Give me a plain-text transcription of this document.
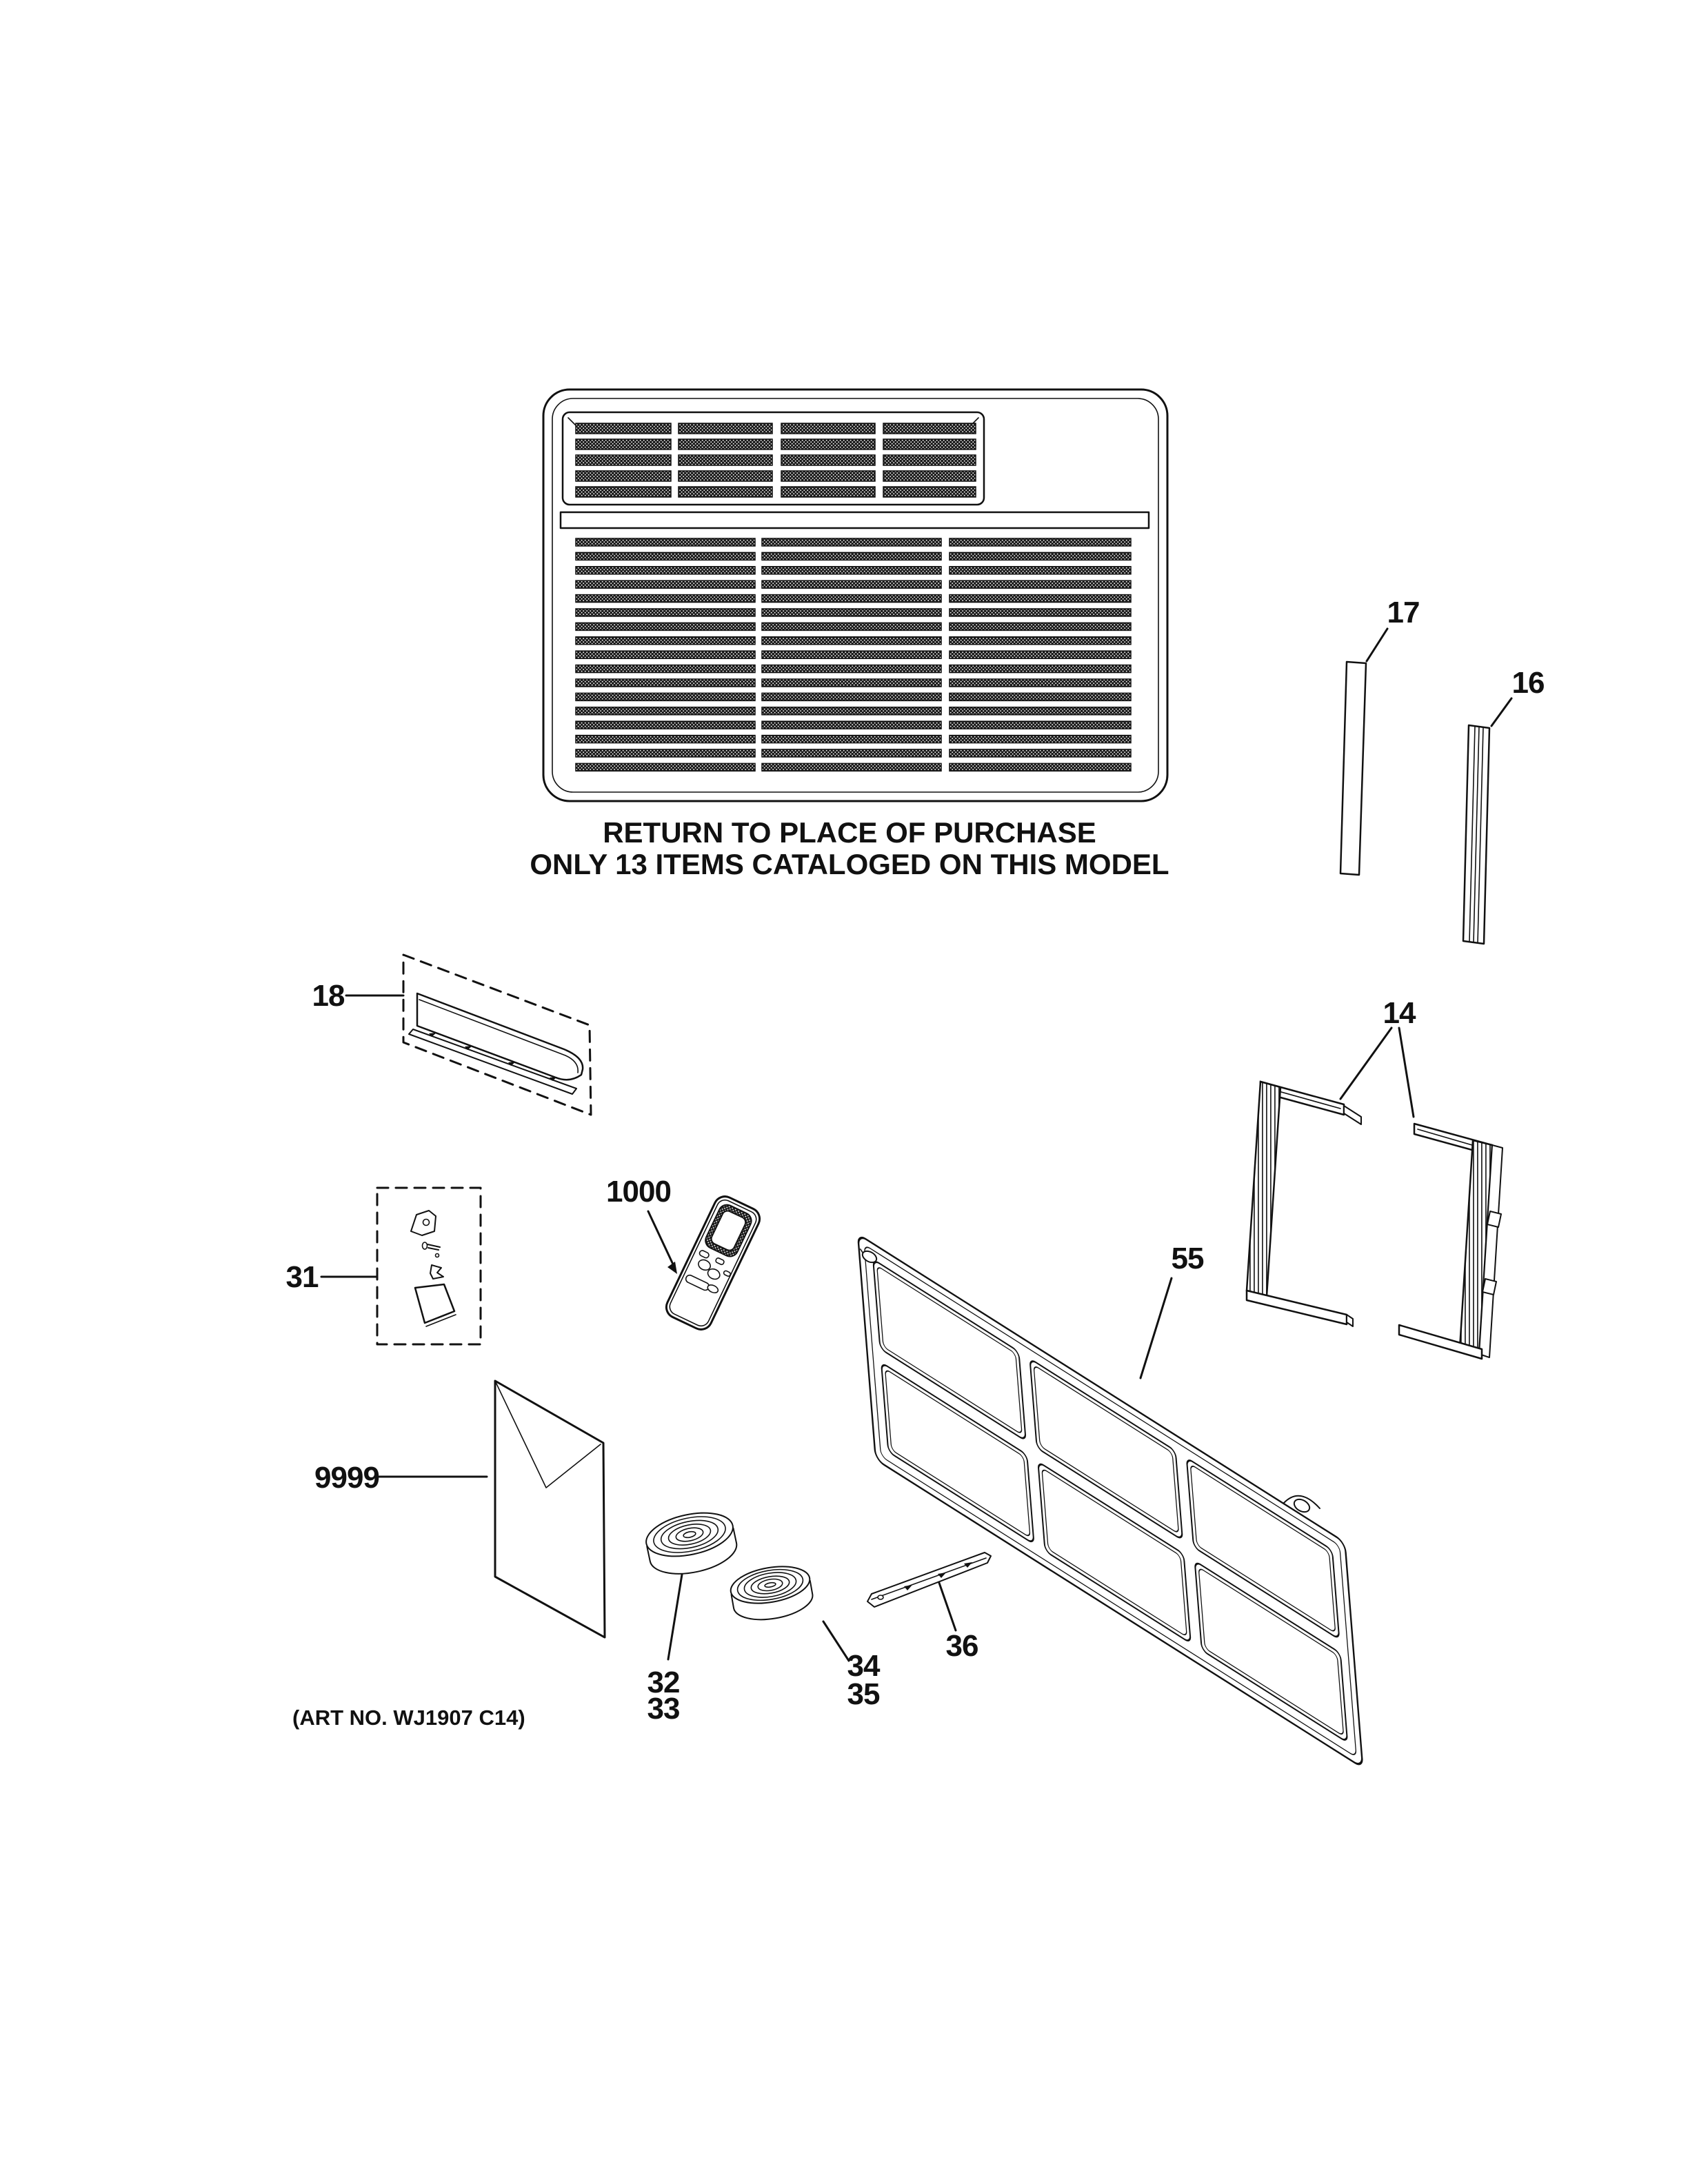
RETURN TO PLACE OF PURCHASE
ONLY 13 ITEMS CATALOGED ON THIS MODEL
17
16
18
31
1000
55
14
9999
32
33
34
35
36
(ART NO. WJ1907 C14)
